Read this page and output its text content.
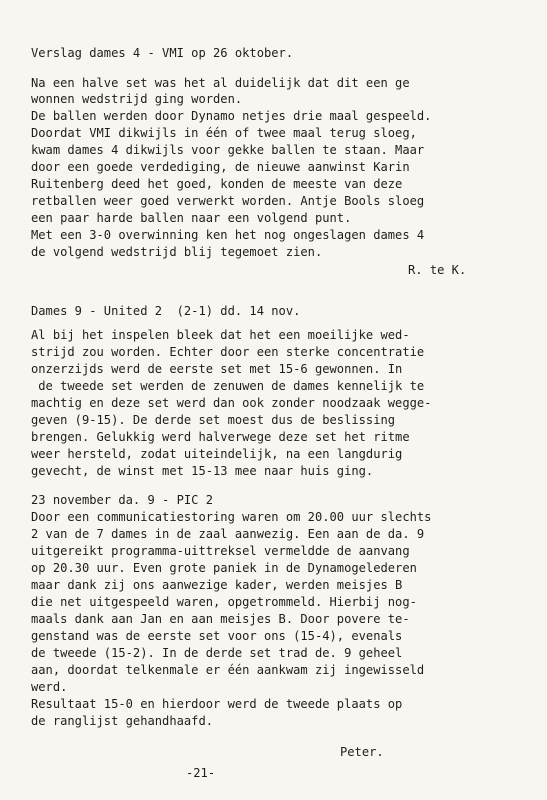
Verslag dames 4 - VMI op 26 oktober.
Na een halve set was het al duidelijk dat dit een ge
wonnen wedstrijd ging worden.
De ballen werden door Dynamo netjes drie maal gespeeld.
Doordat VMI dikwijls in één of twee maal terug sloeg,
kwam dames 4 dikwijls voor gekke ballen te staan. Maar
door een goede verdediging, de nieuwe aanwinst Karin
Ruitenberg deed het goed, konden de meeste van deze
retballen weer goed verwerkt worden. Antje Bools sloeg
een paar harde ballen naar een volgend punt.
Met een 3-0 overwinning ken het nog ongeslagen dames 4
de volgend wedstrijd blij tegemoet zien.
R. te K.
Dames 9 - United 2  (2-1) dd. 14 nov.
Al bij het inspelen bleek dat het een moeilijke wed-
strijd zou worden. Echter door een sterke concentratie
onzerzijds werd de eerste set met 15-6 gewonnen. In
de tweede set werden de zenuwen de dames kennelijk te
machtig en deze set werd dan ook zonder noodzaak wegge-
geven (9-15). De derde set moest dus de beslissing
brengen. Gelukkig werd halverwege deze set het ritme
weer hersteld, zodat uiteindelijk, na een langdurig
gevecht, de winst met 15-13 mee naar huis ging.
23 november da. 9 - PIC 2
Door een communicatiestoring waren om 20.00 uur slechts
2 van de 7 dames in de zaal aanwezig. Een aan de da. 9
uitgereikt programma-uittreksel vermeldde de aanvang
op 20.30 uur. Even grote paniek in de Dynamogelederen
maar dank zij ons aanwezige kader, werden meisjes B
die net uitgespeeld waren, opgetrommeld. Hierbij nog-
maals dank aan Jan en aan meisjes B. Door povere te-
genstand was de eerste set voor ons (15-4), evenals
de tweede (15-2). In de derde set trad de. 9 geheel
aan, doordat telkenmale er één aankwam zij ingewisseld
werd.
Resultaat 15-0 en hierdoor werd de tweede plaats op
de ranglijst gehandhaafd.
Peter.
-21-
